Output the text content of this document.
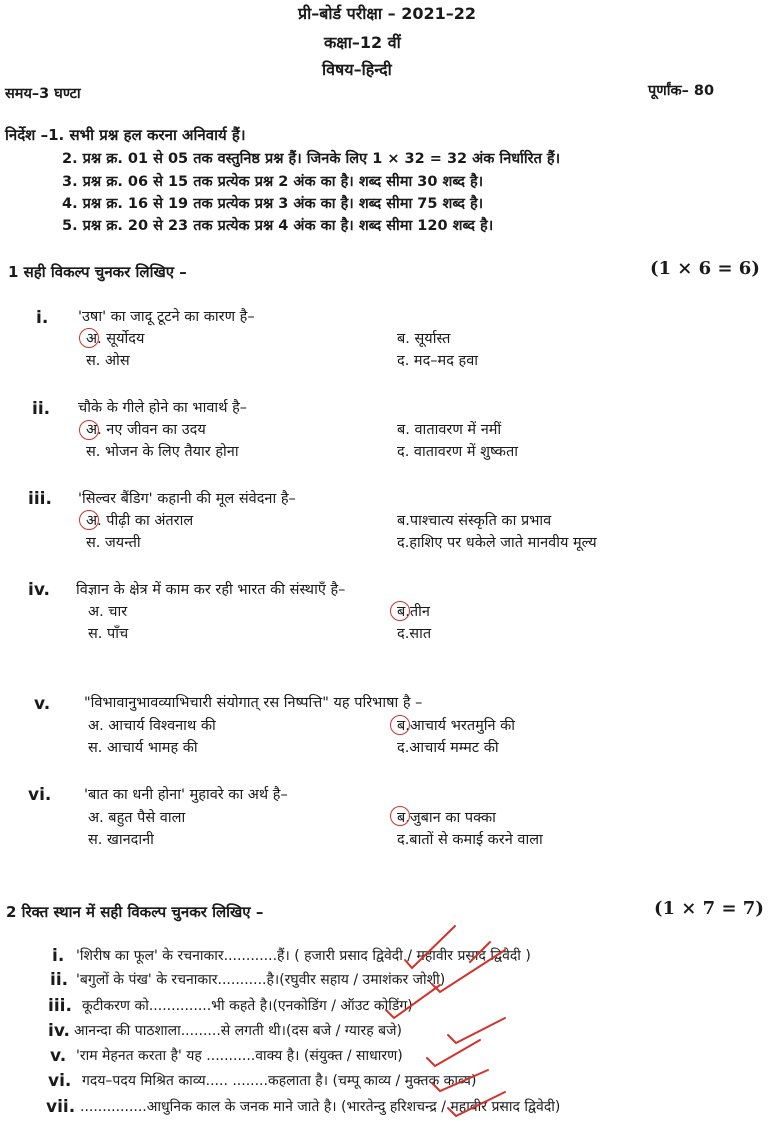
प्री–बोर्ड परीक्षा – 2021–22
कक्षा–12 वीं
विषय–हिन्दी
समय–3 घण्टा	पूर्णांक– 80
निर्देश –1. सभी प्रश्न हल करना अनिवार्य हैं।
2. प्रश्न क्र. 01 से 05 तक वस्तुनिष्ठ प्रश्न हैं। जिनके लिए 1 × 32 = 32 अंक निर्धारित हैं।
3. प्रश्न क्र. 06 से 15 तक प्रत्येक प्रश्न 2 अंक का है। शब्द सीमा 30 शब्द है।
4. प्रश्न क्र. 16 से 19 तक प्रत्येक प्रश्न 3 अंक का है। शब्द सीमा 75 शब्द है।
5. प्रश्न क्र. 20 से 23 तक प्रत्येक प्रश्न 4 अंक का है। शब्द सीमा 120 शब्द है।
1 सही विकल्प चुनकर लिखिए –	(1 × 6 = 6)
i. 'उषा' का जादू टूटने का कारण है–
अ. सूर्योदय	ब. सूर्यास्त
स. ओस	द. मद–मद हवा
ii. चौके के गीले होने का भावार्थ है–
अ. नए जीवन का उदय	ब. वातावरण में नमीं
स. भोजन के लिए तैयार होना	द. वातावरण में शुष्कता
iii. 'सिल्वर बैंडिग' कहानी की मूल संवेदना है–
अ. पीढ़ी का अंतराल	ब.पाश्चात्य संस्कृति का प्रभाव
स. जयन्ती	द.हाशिए पर धकेले जाते मानवीय मूल्य
iv. विज्ञान के क्षेत्र में काम कर रही भारत की संस्थाएँ है–
अ. चार	ब.तीन
स. पाँच	द.सात
v. "विभावानुभावव्याभिचारी संयोगात् रस निष्पत्ति" यह परिभाषा है –
अ. आचार्य विश्वनाथ की	ब.आचार्य भरतमुनि की
स. आचार्य भामह की	द.आचार्य मम्मट की
vi. 'बात का धनी होना' मुहावरे का अर्थ है–
अ. बहुत पैसे वाला	ब.जुबान का पक्का
स. खानदानी	द.बातों से कमाई करने वाला
2 रिक्त स्थान में सही विकल्प चुनकर लिखिए –	(1 × 7 = 7)
i. 'शिरीष का फूल' के रचनाकार............हैं। ( हजारी प्रसाद द्विवेदी / महावीर प्रसाद द्विवेदी )
ii. 'बगुलों के पंख' के रचनाकार...........है।(रघुवीर सहाय / उमाशंकर जोशी)
iii. कूटीकरण को..............भी कहते है।(एनकोडिंग / ऑउट कोडिंग)
iv. आनन्दा की पाठशाला.........से लगती थी।(दस बजे / ग्यारह बजे)
v. 'राम मेहनत करता है' यह ...........वाक्य है। (संयुक्त / साधारण)
vi. गदय–पदय मिश्रित काव्य..... ........कहलाता है। (चम्पू काव्य / मुक्तक काव्य)
vii. ...............आधुनिक काल के जनक माने जाते है। (भारतेन्दु हरिशचन्द्र / महावीर प्रसाद द्विवेदी)
